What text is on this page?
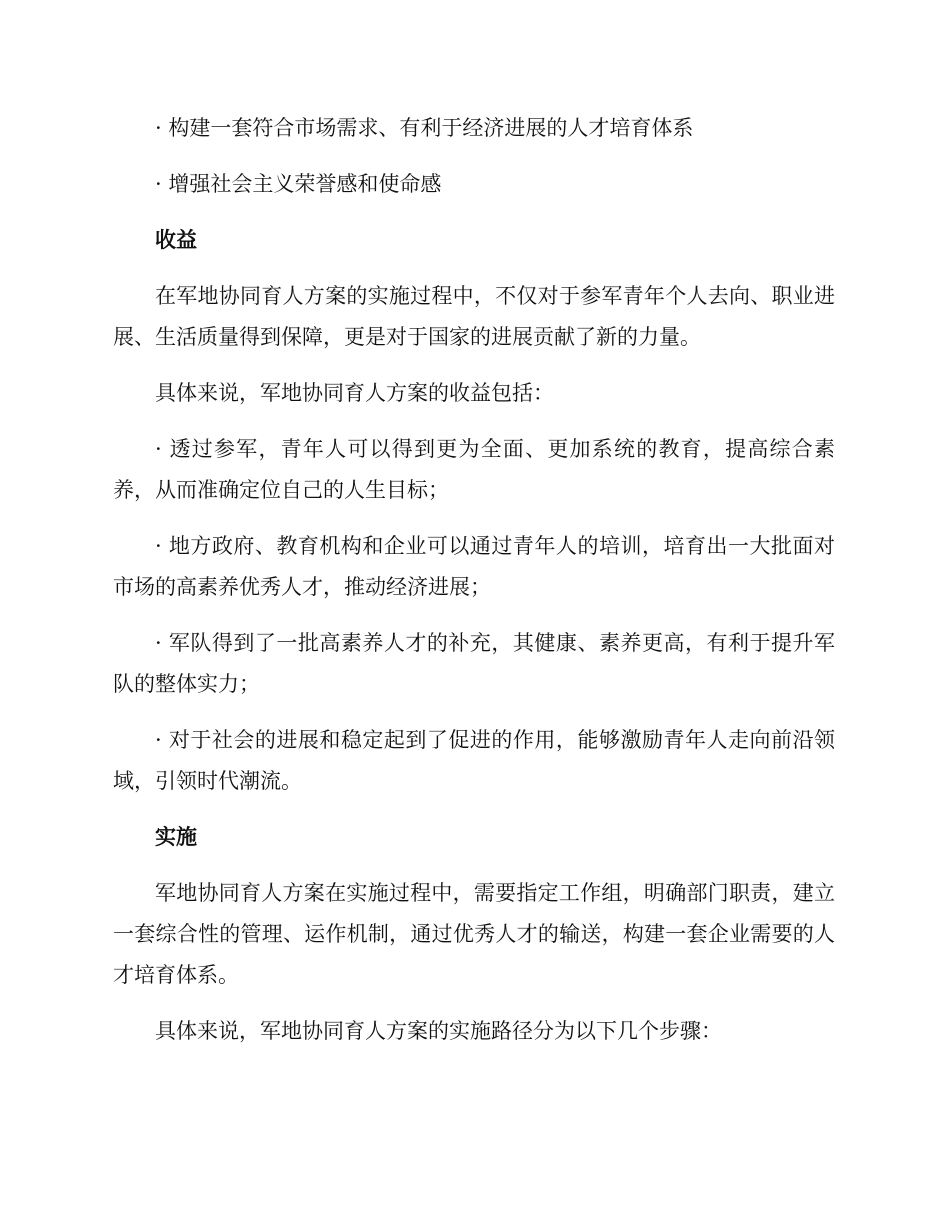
· 构建一套符合市场需求、有利于经济进展的人才培育体系

· 增强社会主义荣誉感和使命感

收益

在军地协同育人方案的实施过程中，不仅对于参军青年个人去向、职业进展、生活质量得到保障，更是对于国家的进展贡献了新的力量。

具体来说，军地协同育人方案的收益包括：

· 透过参军，青年人可以得到更为全面、更加系统的教育，提高综合素养，从而准确定位自己的人生目标；

· 地方政府、教育机构和企业可以通过青年人的培训，培育出一大批面对市场的高素养优秀人才，推动经济进展；

· 军队得到了一批高素养人才的补充，其健康、素养更高，有利于提升军队的整体实力；

· 对于社会的进展和稳定起到了促进的作用，能够激励青年人走向前沿领域，引领时代潮流。

实施

军地协同育人方案在实施过程中，需要指定工作组，明确部门职责，建立一套综合性的管理、运作机制，通过优秀人才的输送，构建一套企业需要的人才培育体系。

具体来说，军地协同育人方案的实施路径分为以下几个步骤：
